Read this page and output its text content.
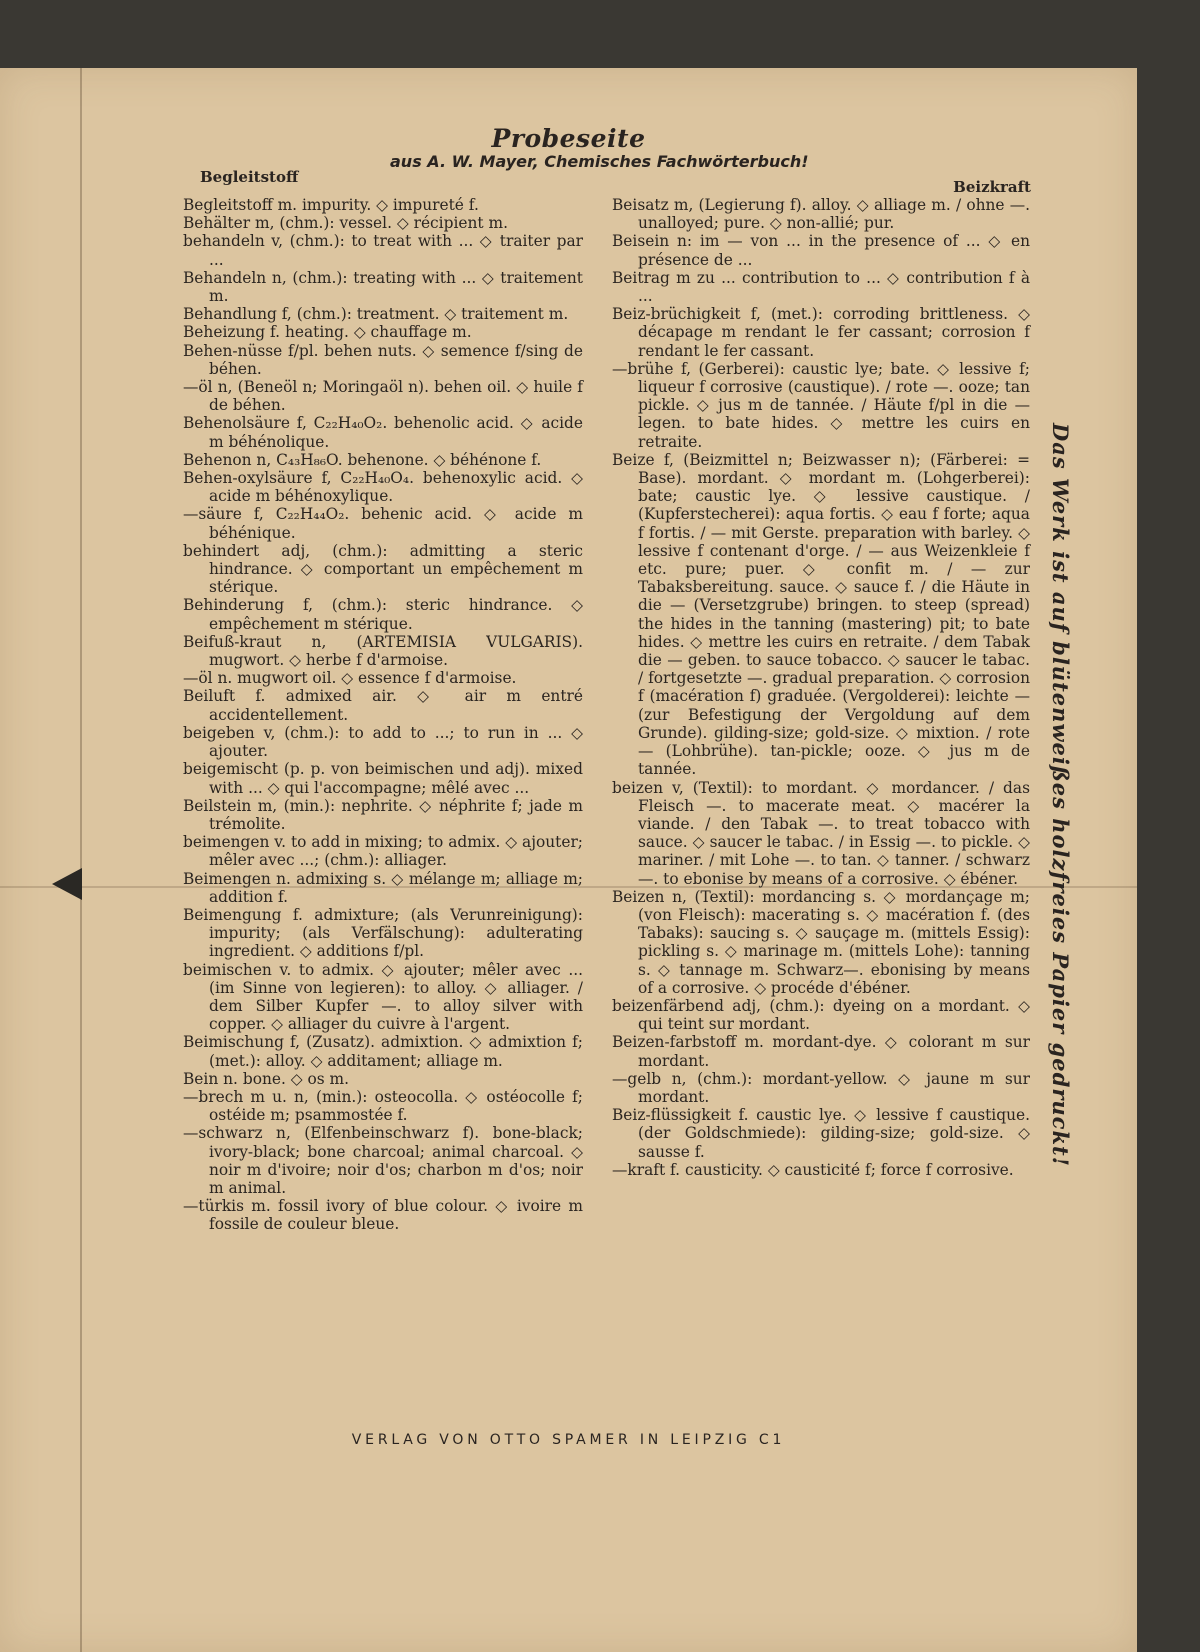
Probeseite
aus A. W. Mayer, Chemisches Fachwörterbuch!
Begleitstoff
Beizkraft

Begleitstoff m. impurity. ◇ impureté f.

Behälter m, (chm.): vessel. ◇ récipient m.

behandeln v, (chm.): to treat with ... ◇ traiter par ...

Behandeln n, (chm.): treating with ... ◇ traitement m.

Behandlung f, (chm.): treatment. ◇ traitement m.

Beheizung f. heating. ◇ chauffage m.

Behen-nüsse f/pl. behen nuts. ◇ semence f/sing de béhen.

—öl n, (Beneöl n; Moringaöl n). behen oil. ◇ huile f de béhen.

Behenolsäure f, C₂₂H₄₀O₂. behenolic acid. ◇ acide m béhénolique.

Behenon n, C₄₃H₈₆O. behenone. ◇ béhénone f.

Behen-oxylsäure f, C₂₂H₄₀O₄. behenoxylic acid. ◇ acide m béhénoxylique.

—säure f, C₂₂H₄₄O₂. behenic acid. ◇ acide m béhénique.

behindert adj, (chm.): admitting a steric hindrance. ◇ comportant un empêchement m stérique.

Behinderung f, (chm.): steric hindrance. ◇ empêchement m stérique.

Beifuß-kraut n, (ARTEMISIA VULGARIS). mugwort. ◇ herbe f d'armoise.

—öl n. mugwort oil. ◇ essence f d'armoise.

Beiluft f. admixed air. ◇ air m entré accidentellement.

beigeben v, (chm.): to add to ...; to run in ... ◇ ajouter.

beigemischt (p. p. von beimischen und adj). mixed with ... ◇ qui l'accompagne; mêlé avec ...

Beilstein m, (min.): nephrite. ◇ néphrite f; jade m trémolite.

beimengen v. to add in mixing; to admix. ◇ ajouter; mêler avec ...; (chm.): alliager.

Beimengen n. admixing s. ◇ mélange m; alliage m; addition f.

Beimengung f. admixture; (als Verunreinigung): impurity; (als Verfälschung): adulterating ingredient. ◇ additions f/pl.

beimischen v. to admix. ◇ ajouter; mêler avec ... (im Sinne von legieren): to alloy. ◇ alliager. / dem Silber Kupfer —. to alloy silver with copper. ◇ alliager du cuivre à l'argent.

Beimischung f, (Zusatz). admixtion. ◇ admixtion f; (met.): alloy. ◇ additament; alliage m.

Bein n. bone. ◇ os m.

—brech m u. n, (min.): osteocolla. ◇ ostéocolle f; ostéide m; psammostée f.

—schwarz n, (Elfenbeinschwarz f). bone-black; ivory-black; bone charcoal; animal charcoal. ◇ noir m d'ivoire; noir d'os; charbon m d'os; noir m animal.

—türkis m. fossil ivory of blue colour. ◇ ivoire m fossile de couleur bleue.

Beisatz m, (Legierung f). alloy. ◇ alliage m. / ohne —. unalloyed; pure. ◇ non-allié; pur.

Beisein n: im — von ... in the presence of ... ◇ en présence de ...

Beitrag m zu ... contribution to ... ◇ contribution f à ...

Beiz-brüchigkeit f, (met.): corroding brittleness. ◇ décapage m rendant le fer cassant; corrosion f rendant le fer cassant.

—brühe f, (Gerberei): caustic lye; bate. ◇ lessive f; liqueur f corrosive (caustique). / rote —. ooze; tan pickle. ◇ jus m de tannée. / Häute f/pl in die — legen. to bate hides. ◇ mettre les cuirs en retraite.

Beize f, (Beizmittel n; Beizwasser n); (Färberei: = Base). mordant. ◇ mordant m. (Lohgerberei): bate; caustic lye. ◇ lessive caustique. / (Kupferstecherei): aqua fortis. ◇ eau f forte; aqua f fortis. / — mit Gerste. preparation with barley. ◇ lessive f contenant d'orge. / — aus Weizenkleie f etc. pure; puer. ◇ confit m. / — zur Tabaksbereitung. sauce. ◇ sauce f. / die Häute in die — (Versetzgrube) bringen. to steep (spread) the hides in the tanning (mastering) pit; to bate hides. ◇ mettre les cuirs en retraite. / dem Tabak die — geben. to sauce tobacco. ◇ saucer le tabac. / fortgesetzte —. gradual preparation. ◇ corrosion f (macération f) graduée. (Vergolderei): leichte — (zur Befestigung der Vergoldung auf dem Grunde). gilding-size; gold-size. ◇ mixtion. / rote — (Lohbrühe). tan-pickle; ooze. ◇ jus m de tannée.

beizen v, (Textil): to mordant. ◇ mordancer. / das Fleisch —. to macerate meat. ◇ macérer la viande. / den Tabak —. to treat tobacco with sauce. ◇ saucer le tabac. / in Essig —. to pickle. ◇ mariner. / mit Lohe —. to tan. ◇ tanner. / schwarz —. to ebonise by means of a corrosive. ◇ ébéner.

Beizen n, (Textil): mordancing s. ◇ mordançage m; (von Fleisch): macerating s. ◇ macération f. (des Tabaks): saucing s. ◇ sauçage m. (mittels Essig): pickling s. ◇ marinage m. (mittels Lohe): tanning s. ◇ tannage m. Schwarz—. ebonising by means of a corrosive. ◇ procéde d'ébéner.

beizenfärbend adj, (chm.): dyeing on a mordant. ◇ qui teint sur mordant.

Beizen-farbstoff m. mordant-dye. ◇ colorant m sur mordant.

—gelb n, (chm.): mordant-yellow. ◇ jaune m sur mordant.

Beiz-flüssigkeit f. caustic lye. ◇ lessive f caustique. (der Goldschmiede): gilding-size; gold-size. ◇ sausse f.

—kraft f. causticity. ◇ causticité f; force f corrosive.

Das Werk ist auf blütenweißes holzfreies Papier gedruckt!
VERLAG VON OTTO SPAMER IN LEIPZIG C1
